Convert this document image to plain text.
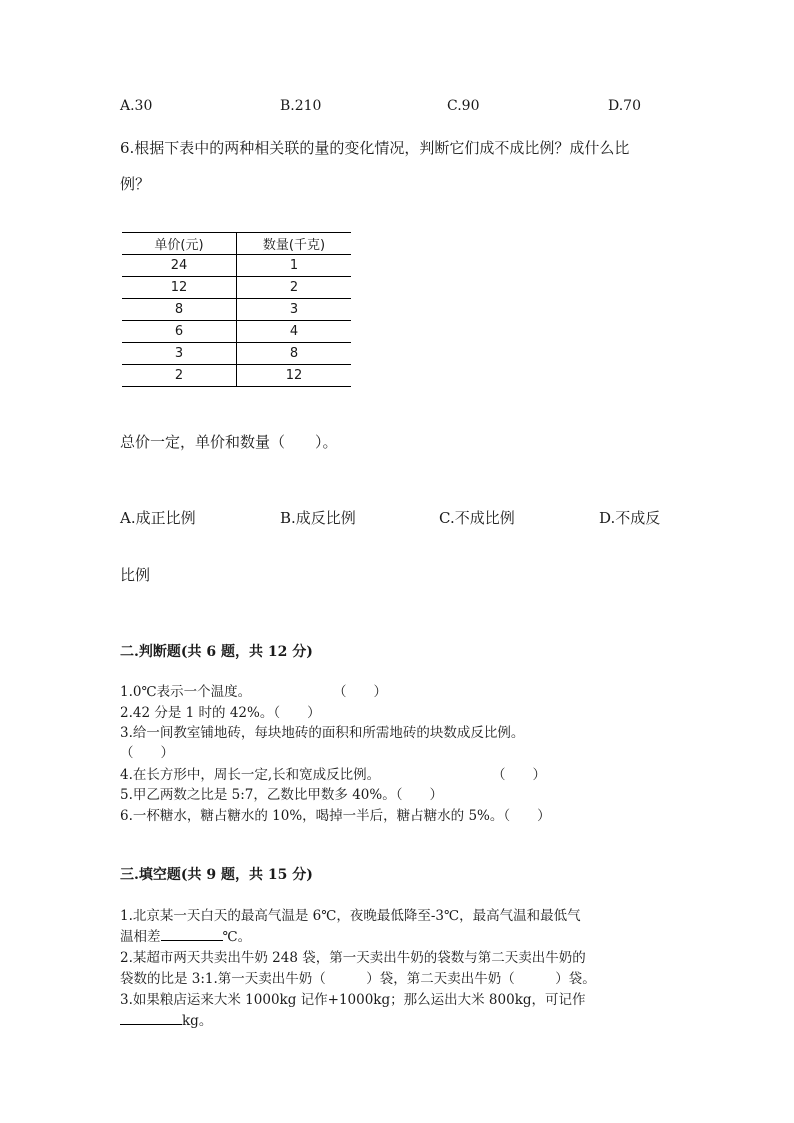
A.30	B.210	C.90	D.70
6.根据下表中的两种相关联的量的变化情况，判断它们成不成比例？成什么比
例？
单价(元)	数量(千克)
24	1
12	2
8	3
6	4
3	8
2	12
总价一定，单价和数量（　　）。
A.成正比例	B.成反比例	C.不成比例	D.不成反
比例
二.判断题(共 6 题，共 12 分)
1.0℃表示一个温度。	（　　）
2.42 分是 1 时的 42%。（　　）
3.给一间教室铺地砖，每块地砖的面积和所需地砖的块数成反比例。
（　　）
4.在长方形中，周长一定,长和宽成反比例。	（　　）
5.甲乙两数之比是 5:7，乙数比甲数多 40%。（　　）
6.一杯糖水，糖占糖水的 10%，喝掉一半后，糖占糖水的 5%。（　　）
三.填空题(共 9 题，共 15 分)
1.北京某一天白天的最高气温是 6℃，夜晚最低降至-3℃，最高气温和最低气
温相差	℃。
2.某超市两天共卖出牛奶 248 袋，第一天卖出牛奶的袋数与第二天卖出牛奶的
袋数的比是 3:1.第一天卖出牛奶（　　　）袋，第二天卖出牛奶（　　　）袋。
3.如果粮店运来大米 1000kg 记作+1000kg；那么运出大米 800kg，可记作
kg。
